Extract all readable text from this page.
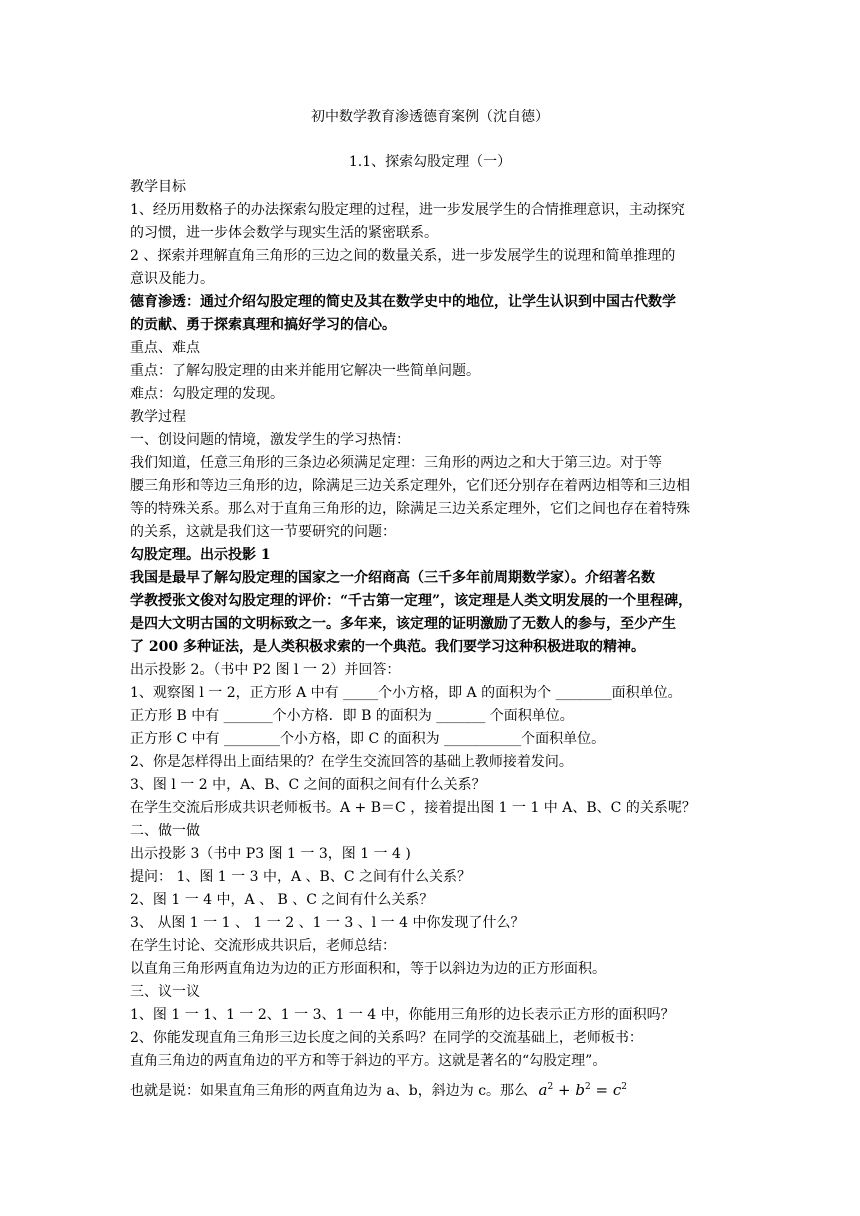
初中数学教育渗透德育案例（沈自德）
1.1、探索勾股定理（一）
教学目标
1、经历用数格子的办法探索勾股定理的过程，进一步发展学生的合情推理意识，主动探究
的习惯，进一步体会数学与现实生活的紧密联系。
2 、探索并理解直角三角形的三边之间的数量关系，进一步发展学生的说理和简单推理的
意识及能力。
德育渗透：通过介绍勾股定理的简史及其在数学史中的地位，让学生认识到中国古代数学
的贡献、勇于探索真理和搞好学习的信心。
重点、难点
重点：了解勾股定理的由来并能用它解决一些简单问题。
难点：勾股定理的发现。
教学过程
一、创设问题的情境，激发学生的学习热情：
我们知道，任意三角形的三条边必须满足定理：三角形的两边之和大于第三边。对于等
腰三角形和等边三角形的边，除满足三边关系定理外，它们还分别存在着两边相等和三边相
等的特殊关系。那么对于直角三角形的边，除满足三边关系定理外，它们之间也存在着特殊
的关系，这就是我们这一节要研究的问题：
勾股定理。出示投影 1
我国是最早了解勾股定理的国家之一介绍商高（三千多年前周期数学家）。介绍著名数
学教授张文俊对勾股定理的评价：“千古第一定理”，该定理是人类文明发展的一个里程碑，
是四大文明古国的文明标致之一。多年来，该定理的证明激励了无数人的参与，至少产生
了 200 多种证法，是人类积极求索的一个典范。我们要学习这种积极进取的精神。
出示投影 2。（书中 P2 图 l 一 2）并回答：
1、观察图 l 一 2，正方形 A 中有 _____个小方格，即 A 的面积为个 ________面积单位。
正方形 B 中有 _______个小方格．即 B 的面积为 _______ 个面积单位。
正方形 C 中有 ________个小方格，即 C 的面积为 ___________个面积单位。
2、你是怎样得出上面结果的？在学生交流回答的基础上教师接着发问。
3、图 l 一 2 中，A、B、C 之间的面积之间有什么关系？
在学生交流后形成共识老师板书。A + B＝C ，接着提出图 1 一 1 中 A、B、C 的关系呢？
二、做一做
出示投影 3（书中 P3 图 1 一 3，图 1 一 4 )
提问： 1、图 1 一 3 中，A 、B、C 之间有什么关系？
2、图 1 一 4 中，A 、 B 、C 之间有什么关系？
3、 从图 1 一 1 、 1 一 2 、1 一 3 、l 一 4 中你发现了什么？
在学生讨论、交流形成共识后，老师总结：
以直角三角形两直角边为边的正方形面积和，等于以斜边为边的正方形面积。
三、议一议
1、图 1 一 1、1 一 2、1 一 3、1 一 4 中，你能用三角形的边长表示正方形的面积吗？
2、你能发现直角三角形三边长度之间的关系吗？在同学的交流基础上，老师板书：
直角三角边的两直角边的平方和等于斜边的平方。这就是著名的“勾股定理”。
也就是说：如果直角三角形的两直角边为 a、b，斜边为 c。那么 $a^2 + b^2 = c^2$
